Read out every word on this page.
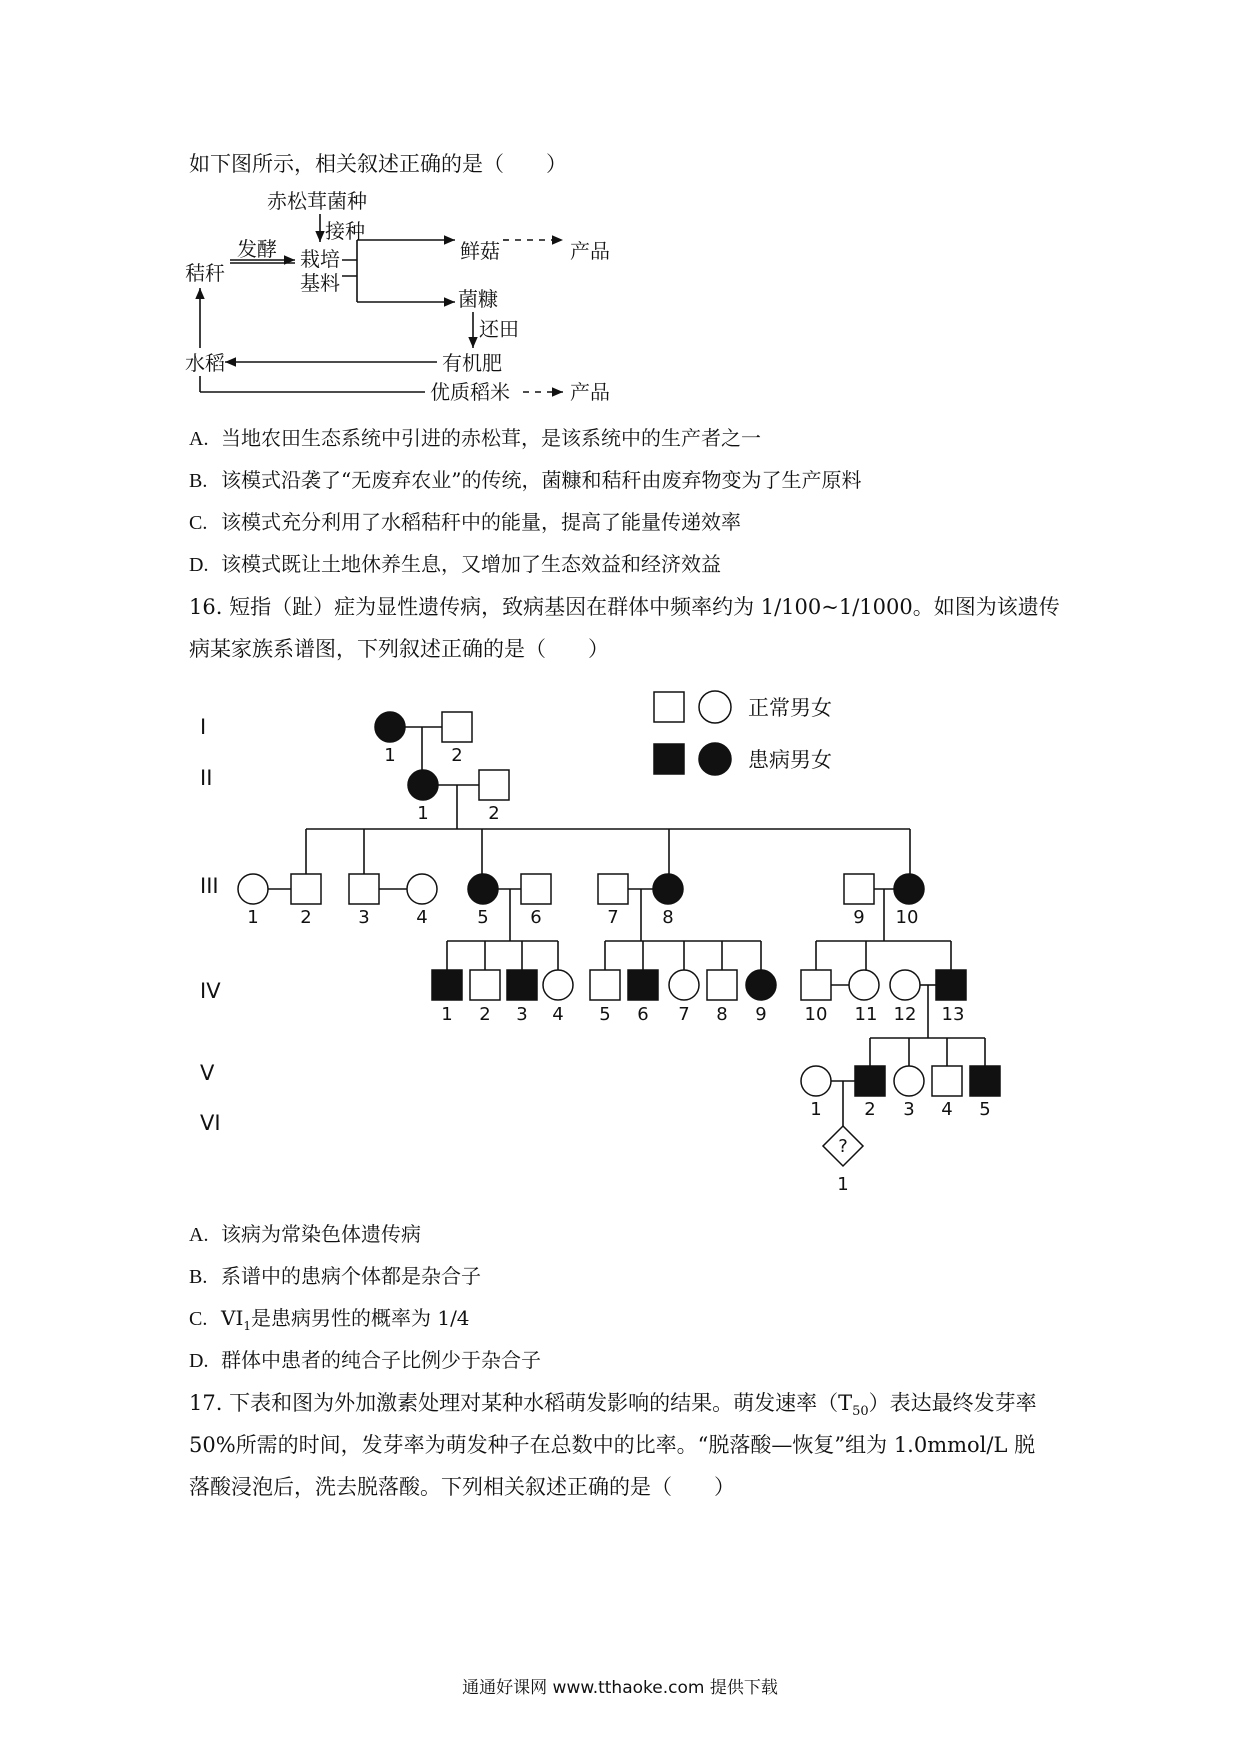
如下图所示，相关叙述正确的是（　　）
赤松茸菌种
接种
秸秆
发酵 栽培
基料
鲜菇	产品
菌糠
还田
有机肥
水稻
优质稻米	产品
A. 当地农田生态系统中引进的赤松茸，是该系统中的生产者之一
B. 该模式沿袭了“无废弃农业”的传统，菌糠和秸秆由废弃物变为了生产原料
C. 该模式充分利用了水稻秸秆中的能量，提高了能量传递效率
D. 该模式既让土地休养生息，又增加了生态效益和经济效益
16. 短指（趾）症为显性遗传病，致病基因在群体中频率约为 1/100~1/1000。如图为该遗传
病某家族系谱图，下列叙述正确的是（　　）
I
II
III
IV
V
VI
正常男女
患病男女
?
1	2
1	2
1 2	3	4	5 6	7 8	9 10
1 2 3 4 5 6 7 8 9 10 11 12 13
1 2 3 4 5
1
A. 该病为常染色体遗传病
B. 系谱中的患病个体都是杂合子
C. $VI_1$是患病男性的概率为 1/4
D. 群体中患者的纯合子比例少于杂合子
17. 下表和图为外加激素处理对某种水稻萌发影响的结果。萌发速率$(T_{50})$表达最终发芽率
50%所需的时间，发芽率为萌发种子在总数中的比率。“脱落酸—恢复”组为 1.0mmol/L 脱
落酸浸泡后，洗去脱落酸。下列相关叙述正确的是（　　）
通通好课网 www.tthaoke.com 提供下载
